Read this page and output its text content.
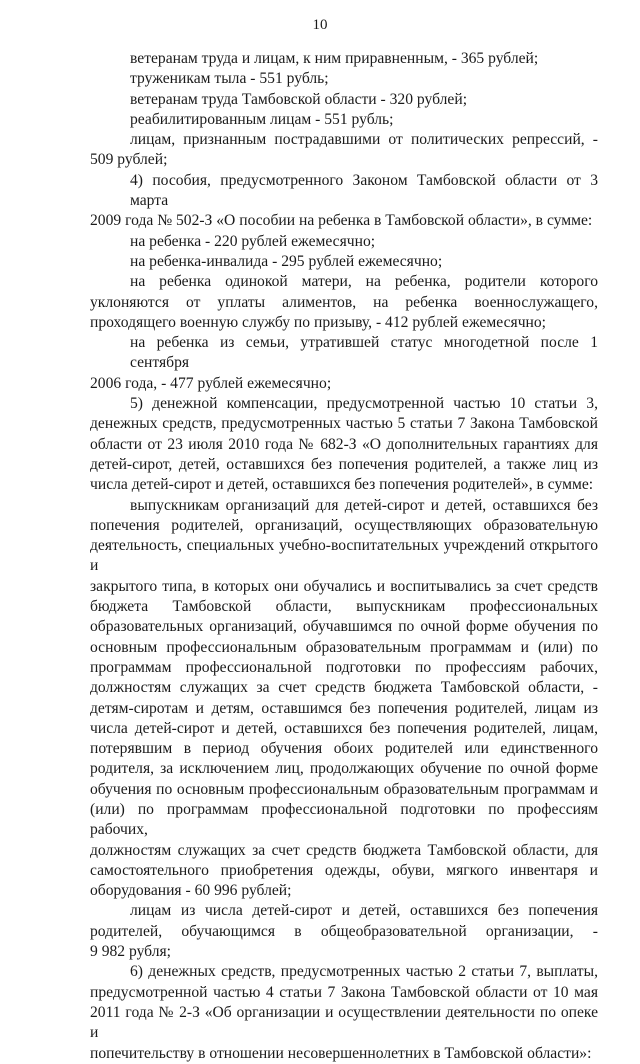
10
ветеранам труда и лицам, к ним приравненным, - 365 рублей;
труженикам тыла - 551 рубль;
ветеранам труда Тамбовской области - 320 рублей;
реабилитированным лицам - 551 рубль;
лицам, признанным пострадавшими от политических репрессий, -
509 рублей;
4) пособия, предусмотренного Законом Тамбовской области от 3 марта
2009 года № 502-З «О пособии на ребенка в Тамбовской области», в сумме:
на ребенка - 220 рублей ежемесячно;
на ребенка-инвалида - 295 рублей ежемесячно;
на ребенка одинокой матери, на ребенка, родители которого
уклоняются от уплаты алиментов, на ребенка военнослужащего,
проходящего военную службу по призыву, - 412 рублей ежемесячно;
на ребенка из семьи, утратившей статус многодетной после 1 сентября
2006 года, - 477 рублей ежемесячно;
5) денежной компенсации, предусмотренной частью 10 статьи 3,
денежных средств, предусмотренных частью 5 статьи 7 Закона Тамбовской
области от 23 июля 2010 года № 682-З «О дополнительных гарантиях для
детей-сирот, детей, оставшихся без попечения родителей, а также лиц из
числа детей-сирот и детей, оставшихся без попечения родителей», в сумме:
выпускникам организаций для детей-сирот и детей, оставшихся без
попечения родителей, организаций, осуществляющих образовательную
деятельность, специальных учебно-воспитательных учреждений открытого и
закрытого типа, в которых они обучались и воспитывались за счет средств
бюджета Тамбовской области, выпускникам профессиональных
образовательных организаций, обучавшимся по очной форме обучения по
основным профессиональным образовательным программам и (или) по
программам профессиональной подготовки по профессиям рабочих,
должностям служащих за счет средств бюджета Тамбовской области, -
детям-сиротам и детям, оставшимся без попечения родителей, лицам из
числа детей-сирот и детей, оставшихся без попечения родителей, лицам,
потерявшим в период обучения обоих родителей или единственного
родителя, за исключением лиц, продолжающих обучение по очной форме
обучения по основным профессиональным образовательным программам и
(или) по программам профессиональной подготовки по профессиям рабочих,
должностям служащих за счет средств бюджета Тамбовской области, для
самостоятельного приобретения одежды, обуви, мягкого инвентаря и
оборудования - 60 996 рублей;
лицам из числа детей-сирот и детей, оставшихся без попечения
родителей, обучающимся в общеобразовательной организации, -
9 982 рубля;
6) денежных средств, предусмотренных частью 2 статьи 7, выплаты,
предусмотренной частью 4 статьи 7 Закона Тамбовской области от 10 мая
2011 года № 2-З «Об организации и осуществлении деятельности по опеке и
попечительству в отношении несовершеннолетних в Тамбовской области»:
